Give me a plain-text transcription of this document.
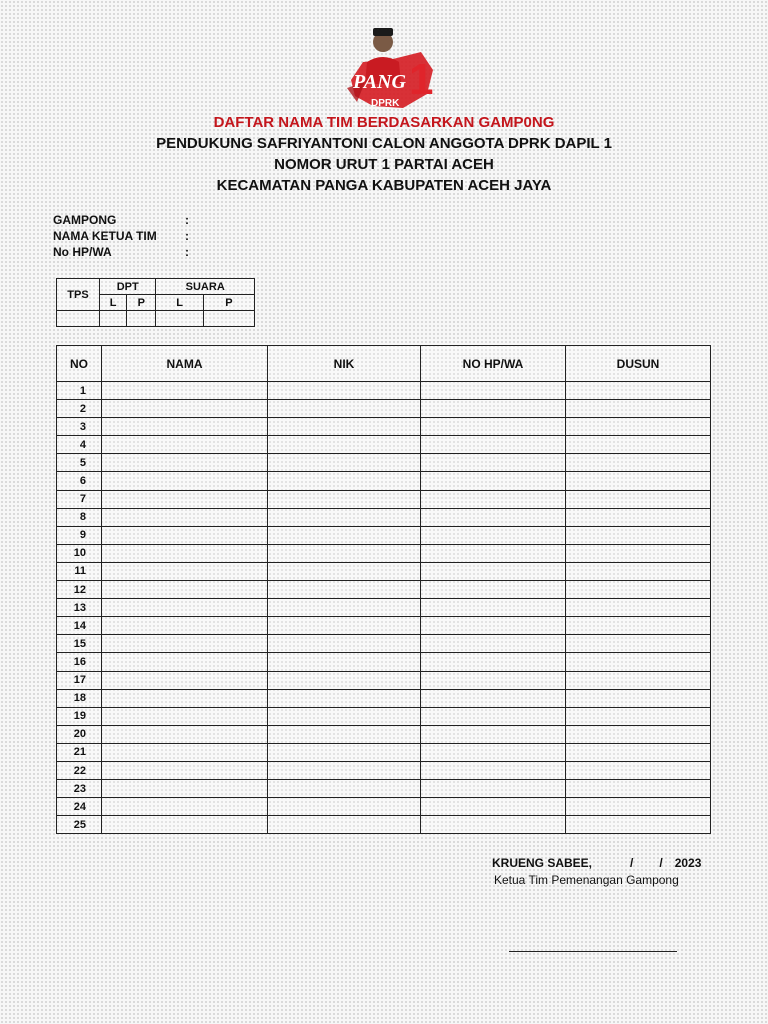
PANG 1
DPRK
DAFTAR NAMA TIM BERDASARKAN GAMP0NG
PENDUKUNG SAFRIYANTONI CALON ANGGOTA DPRK DAPIL 1
NOMOR URUT 1 PARTAI ACEH
KECAMATAN PANGA KABUPATEN ACEH JAYA
GAMPONG	:
NAMA KETUA TIM :
No HP/WA	:
TPS	DPT		SUARA	
	L	P	L	P

NO	NAMA	NIK	NO HP/WA	DUSUN
1				
2				
3				
4				
5				
6				
7				
8				
9				
10				
11				
12				
13				
14				
15				
16				
17				
18				
19				
20				
21				
22				
23				
24				
25				
KRUENG SABEE,	/ / 2023
Ketua Tim Pemenangan Gampong
